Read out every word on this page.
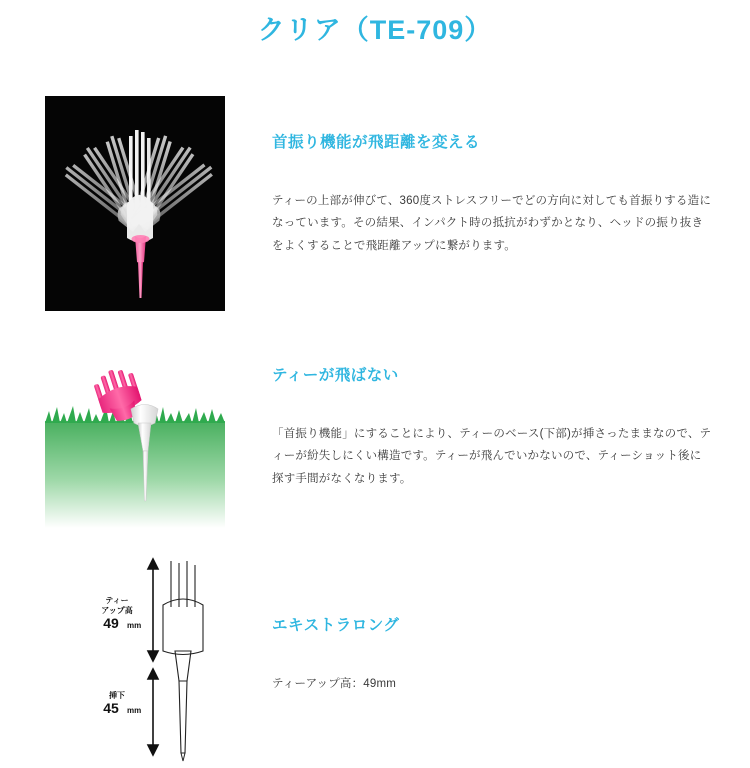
クリア（TE-709）
首振り機能が飛距離を変える
ティーの上部が伸びて、360度ストレスフリーでどの方向に対しても首振りする造になっています。その結果、インパクト時の抵抗がわずかとなり、ヘッドの振り抜きをよくすることで飛距離アップに繋がります。
ティーが飛ばない
「首振り機能」にすることにより、ティーのベース(下部)が挿さったままなので、ティーが紛失しにくい構造です。ティーが飛んでいかないので、ティーショット後に探す手間がなくなります。
ティー
アップ高
49 mm
挿下
45 mm
エキストラロング
ティーアップ高：49mm
